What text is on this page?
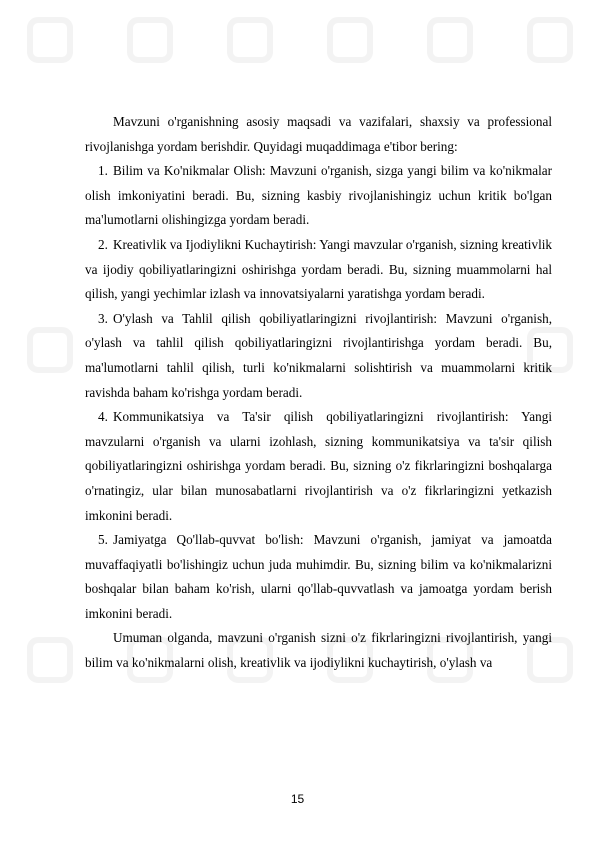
Mavzuni o'rganishning asosiy maqsadi va vazifalari, shaxsiy va professional rivojlanishga yordam berishdir. Quyidagi muqaddimaga e'tibor bering:

1. Bilim va Ko'nikmalar Olish: Mavzuni o'rganish, sizga yangi bilim va ko'nikmalar olish imkoniyatini beradi. Bu, sizning kasbiy rivojlanishingiz uchun kritik bo'lgan ma'lumotlarni olishingizga yordam beradi.

2. Kreativlik va Ijodiylikni Kuchaytirish: Yangi mavzular o'rganish, sizning kreativlik va ijodiy qobiliyatlaringizni oshirishga yordam beradi. Bu, sizning muammolarni hal qilish, yangi yechimlar izlash va innovatsiyalarni yaratishga yordam beradi.

3. O'ylash va Tahlil qilish qobiliyatlaringizni rivojlantirish: Mavzuni o'rganish, o'ylash va tahlil qilish qobiliyatlaringizni rivojlantirishga yordam beradi. Bu, ma'lumotlarni tahlil qilish, turli ko'nikmalarni solishtirish va muammolarni kritik ravishda baham ko'rishga yordam beradi.

4. Kommunikatsiya va Ta'sir qilish qobiliyatlaringizni rivojlantirish: Yangi mavzularni o'rganish va ularni izohlash, sizning kommunikatsiya va ta'sir qilish qobiliyatlaringizni oshirishga yordam beradi. Bu, sizning o'z fikrlaringizni boshqalarga o'rnatingiz, ular bilan munosabatlarni rivojlantirish va o'z fikrlaringizni yetkazish imkonini beradi.

5. Jamiyatga Qo'llab-quvvat bo'lish: Mavzuni o'rganish, jamiyat va jamoatda muvaffaqiyatli bo'lishingiz uchun juda muhimdir. Bu, sizning bilim va ko'nikmalarizni boshqalar bilan baham ko'rish, ularni qo'llab-quvvatlash va jamoatga yordam berish imkonini beradi.

Umuman olganda, mavzuni o'rganish sizni o'z fikrlaringizni rivojlantirish, yangi bilim va ko'nikmalarni olish, kreativlik va ijodiylikni kuchaytirish, o'ylash va

15
